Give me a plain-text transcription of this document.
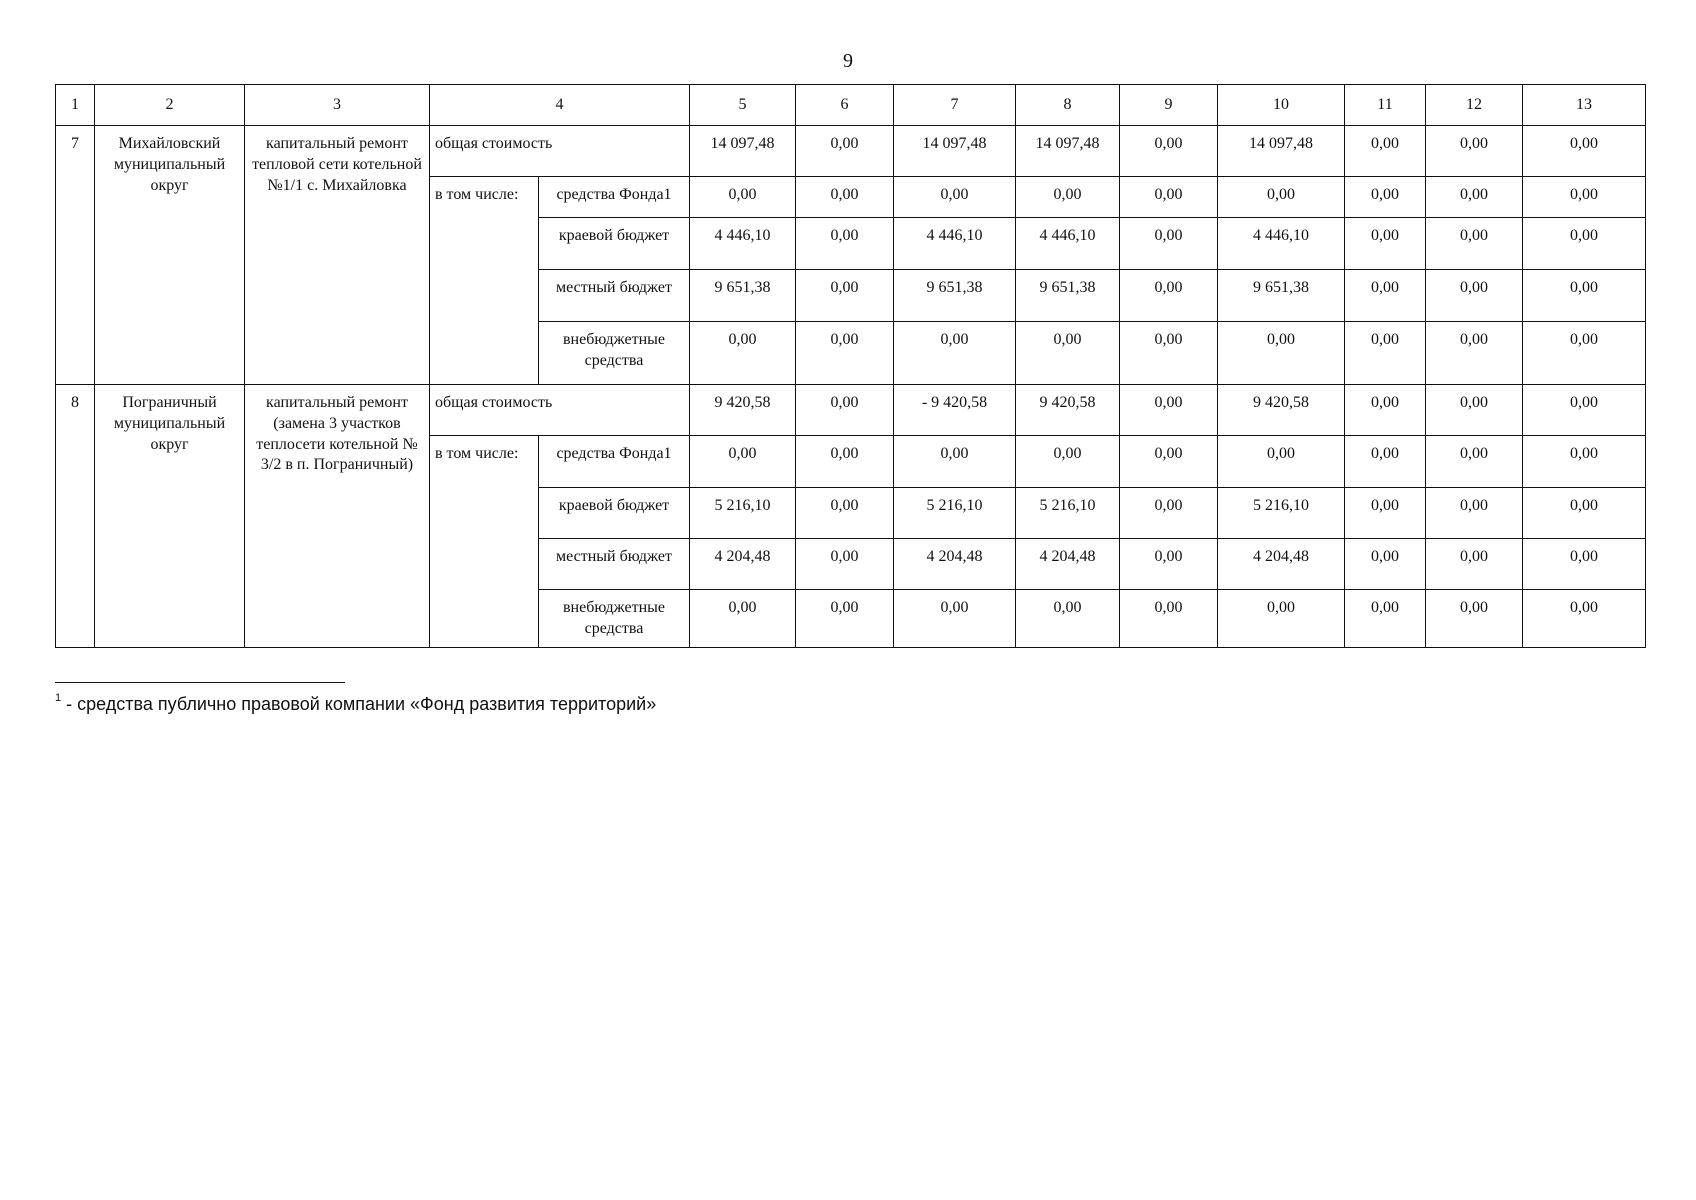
9
1	2	3	4		5	6	7	8	9	10	11	12	13
7	Михайловский муниципальный округ	капитальный ремонт тепловой сети котельной №1/1 с. Михайловка	общая стоимость		14 097,48	0,00	14 097,48	14 097,48	0,00	14 097,48	0,00	0,00	0,00
			в том числе:	средства Фонда1	0,00	0,00	0,00	0,00	0,00	0,00	0,00	0,00	0,00
				краевой бюджет	4 446,10	0,00	4 446,10	4 446,10	0,00	4 446,10	0,00	0,00	0,00
				местный бюджет	9 651,38	0,00	9 651,38	9 651,38	0,00	9 651,38	0,00	0,00	0,00
				внебюджетные средства	0,00	0,00	0,00	0,00	0,00	0,00	0,00	0,00	0,00
8	Пограничный муниципальный округ	капитальный ремонт (замена 3 участков теплосети котельной № 3/2 в п. Пограничный)	общая стоимость		9 420,58	0,00	- 9 420,58	9 420,58	0,00	9 420,58	0,00	0,00	0,00
			в том числе:	средства Фонда1	0,00	0,00	0,00	0,00	0,00	0,00	0,00	0,00	0,00
				краевой бюджет	5 216,10	0,00	5 216,10	5 216,10	0,00	5 216,10	0,00	0,00	0,00
				местный бюджет	4 204,48	0,00	4 204,48	4 204,48	0,00	4 204,48	0,00	0,00	0,00
				внебюджетные средства	0,00	0,00	0,00	0,00	0,00	0,00	0,00	0,00	0,00
$^1$ - средства публично правовой компании «Фонд развития территорий»
